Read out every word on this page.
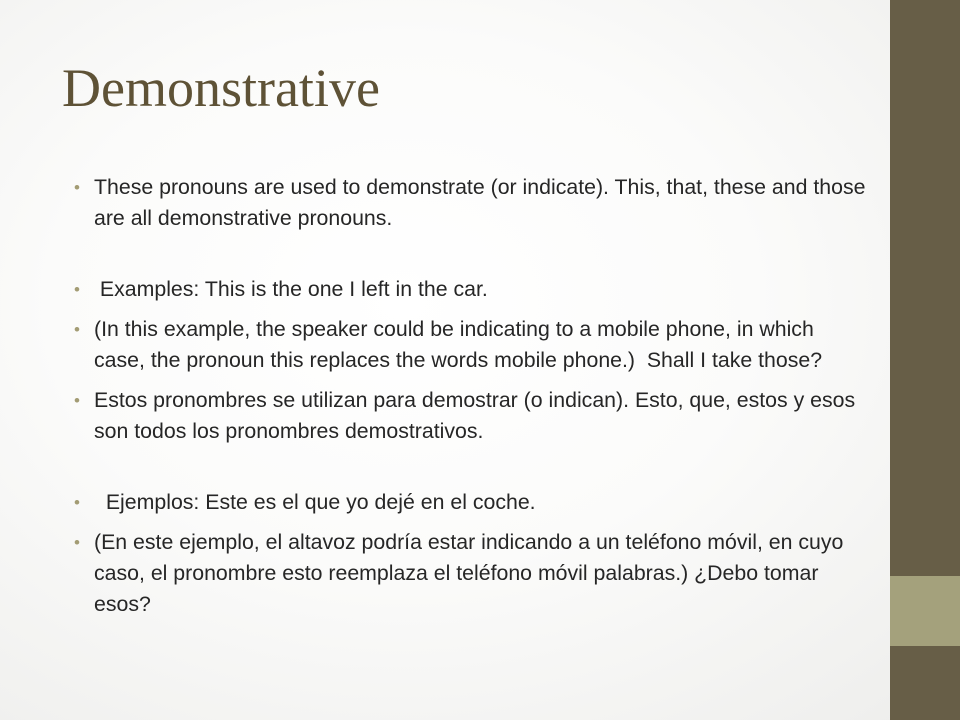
Demonstrative
• These pronouns are used to demonstrate (or indicate). This, that, these and those are all demonstrative pronouns.
• Examples: This is the one I left in the car.
• (In this example, the speaker could be indicating to a mobile phone, in which case, the pronoun this replaces the words mobile phone.)  Shall I take those?
• Estos pronombres se utilizan para demostrar (o indican). Esto, que, estos y esos son todos los pronombres demostrativos.
• Ejemplos: Este es el que yo dejé en el coche.
• (En este ejemplo, el altavoz podría estar indicando a un teléfono móvil, en cuyo caso, el pronombre esto reemplaza el teléfono móvil palabras.) ¿Debo tomar esos?
